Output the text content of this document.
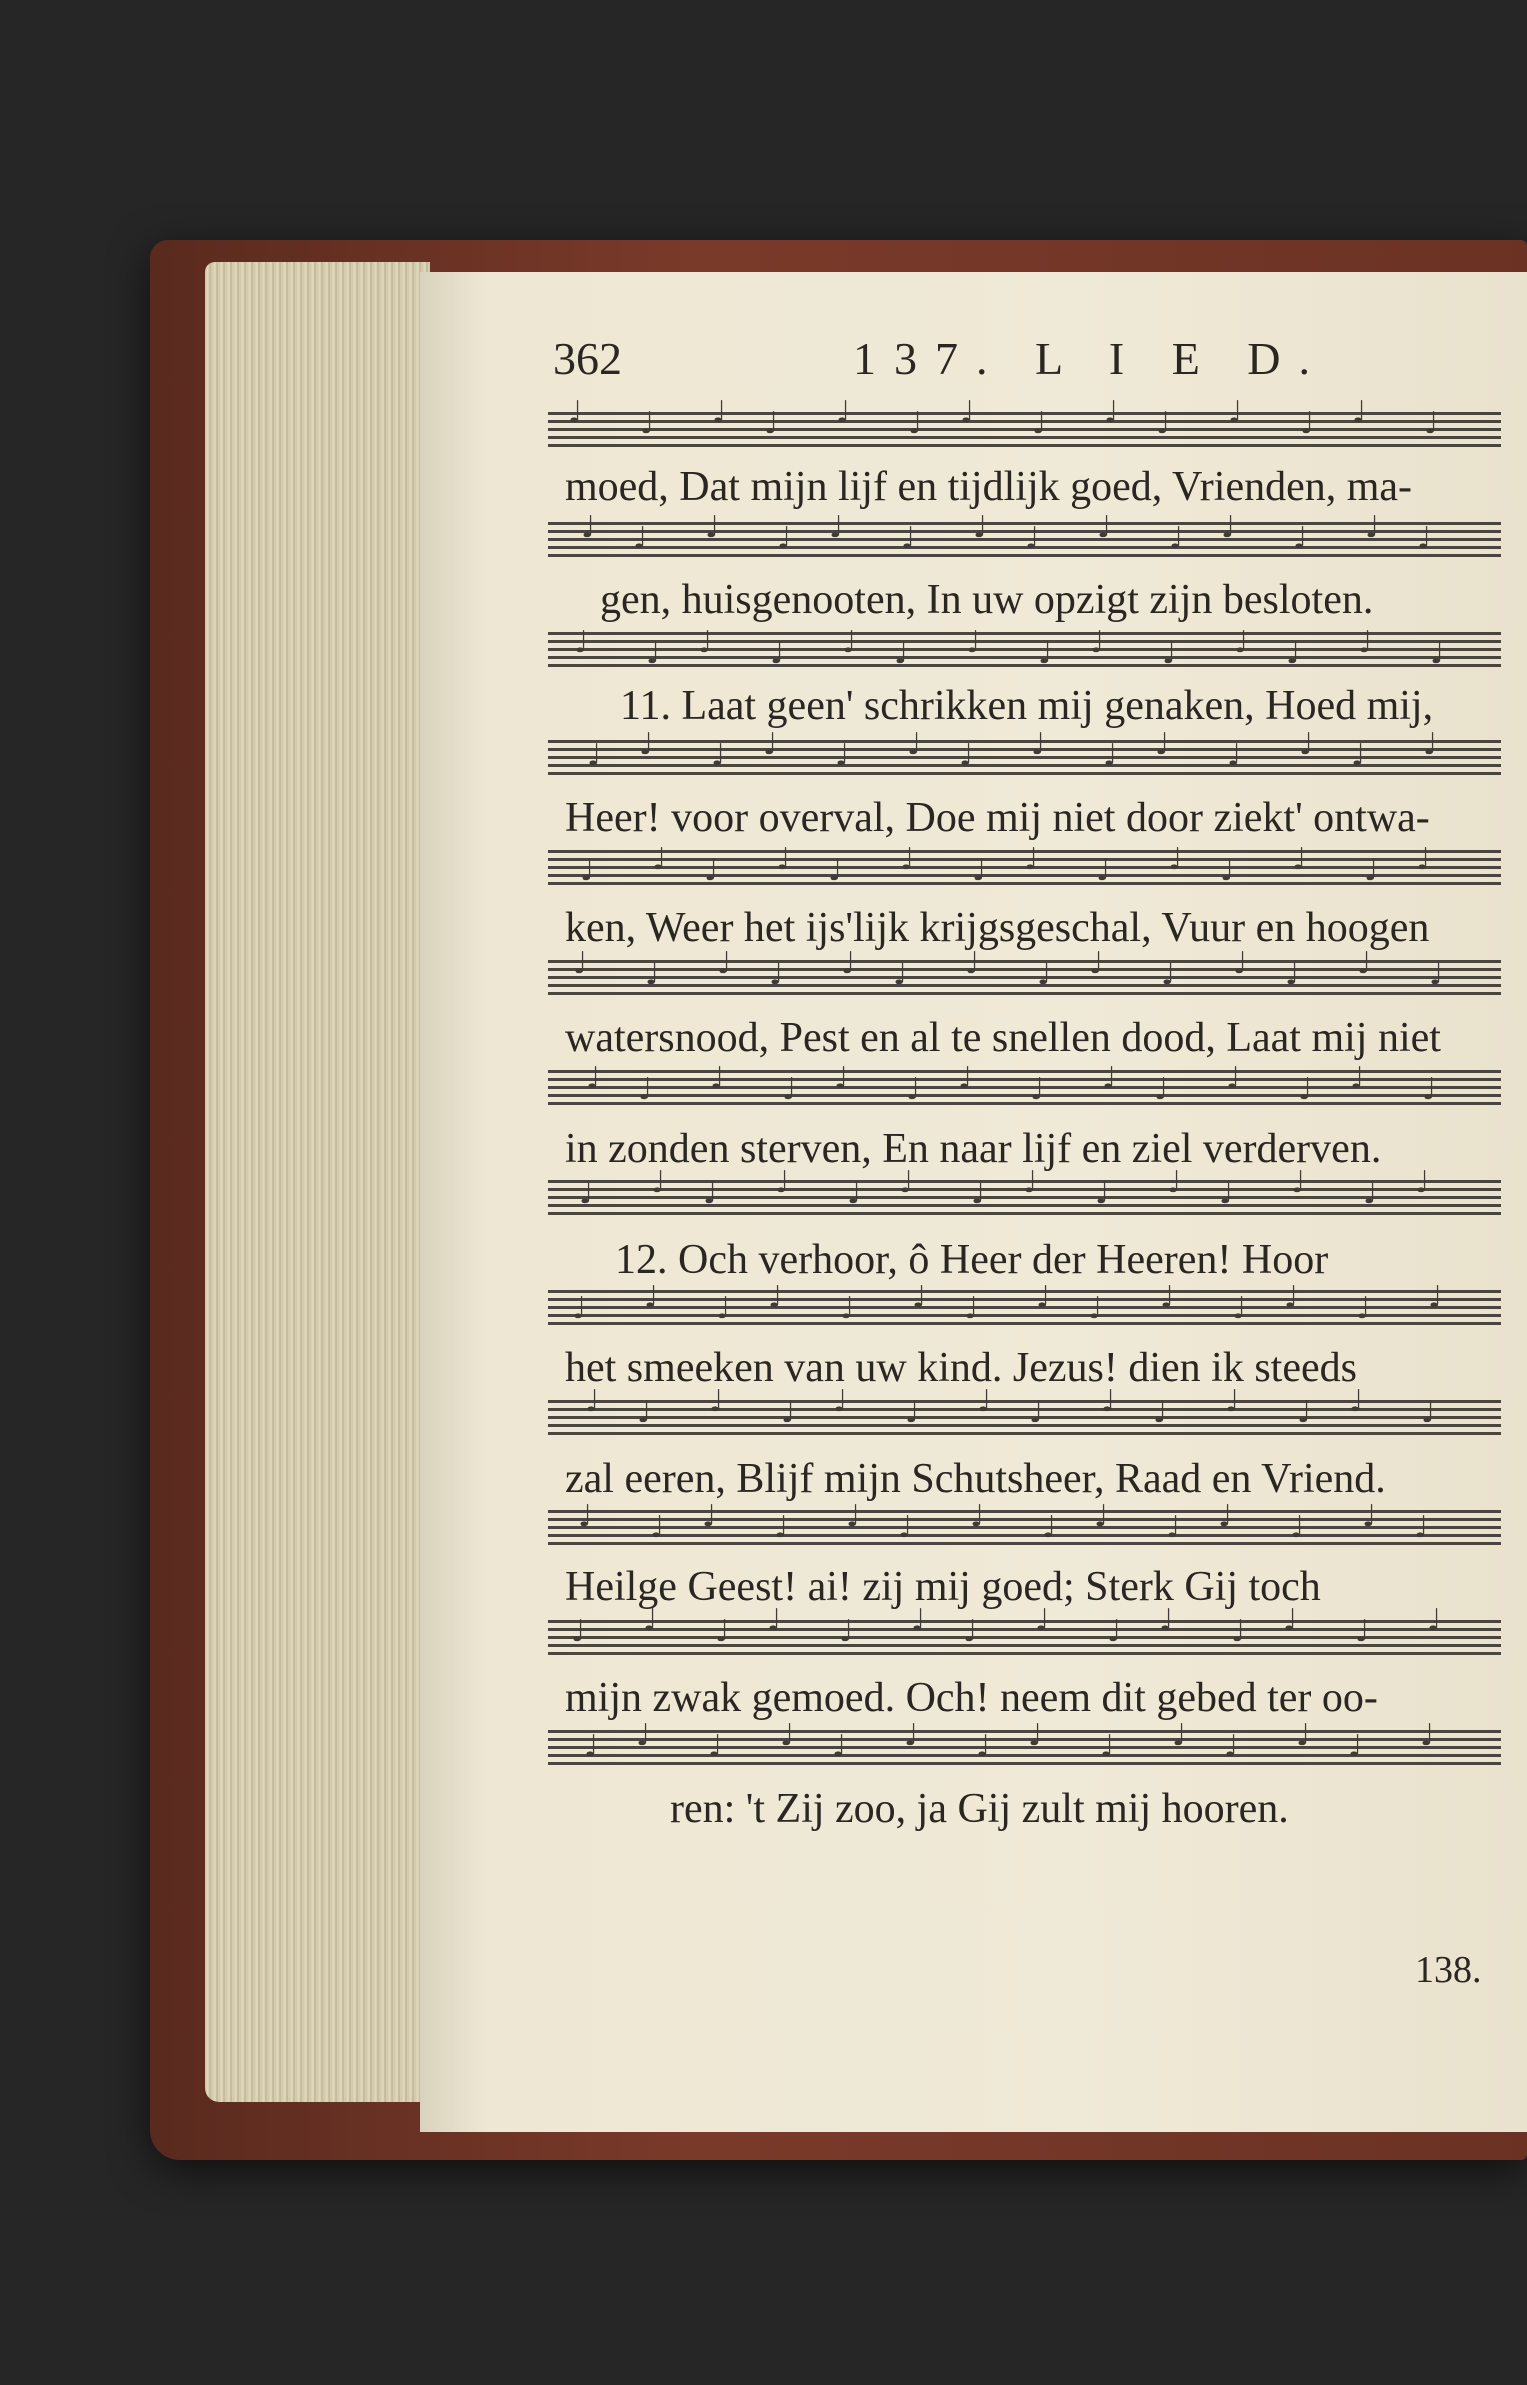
362	137. L I E D.
♩ ♩ ♩ ♩ ♩ ♩ ♩ ♩ ♩ ♩ ♩ ♩ ♩ ♩
moed, Dat mijn lijf en tijdlijk goed, Vrienden, ma-
♩ ♩ ♩ ♩ ♩ ♩ ♩ ♩ ♩ ♩ ♩ ♩ ♩ ♩
gen, huisgenooten, In uw opzigt zijn besloten.
♩ ♩ ♩ ♩ ♩ ♩ ♩ ♩ ♩ ♩ ♩ ♩ ♩ ♩
11. Laat geen' schrikken mij genaken, Hoed mij,
♩ ♩ ♩ ♩ ♩ ♩ ♩ ♩ ♩ ♩ ♩ ♩ ♩ ♩
Heer! voor overval, Doe mij niet door ziekt' ontwa-
♩ ♩ ♩ ♩ ♩ ♩ ♩ ♩ ♩ ♩ ♩ ♩ ♩ ♩
ken, Weer het ijs'lijk krijgsgeschal, Vuur en hoogen
♩ ♩ ♩ ♩ ♩ ♩ ♩ ♩ ♩ ♩ ♩ ♩ ♩ ♩
watersnood, Pest en al te snellen dood, Laat mij niet
♩ ♩ ♩ ♩ ♩ ♩ ♩ ♩ ♩ ♩ ♩ ♩ ♩ ♩
in zonden sterven, En naar lijf en ziel verderven.
♩ ♩ ♩ ♩ ♩ ♩ ♩ ♩ ♩ ♩ ♩ ♩ ♩ ♩
12. Och verhoor, ô Heer der Heeren! Hoor
♩ ♩ ♩ ♩ ♩ ♩ ♩ ♩ ♩ ♩ ♩ ♩ ♩ ♩
het smeeken van uw kind. Jezus! dien ik steeds
♩ ♩ ♩ ♩ ♩ ♩ ♩ ♩ ♩ ♩ ♩ ♩ ♩ ♩
zal eeren, Blijf mijn Schutsheer, Raad en Vriend.
♩ ♩ ♩ ♩ ♩ ♩ ♩ ♩ ♩ ♩ ♩ ♩ ♩ ♩
Heilge Geest! ai! zij mij goed; Sterk Gij toch
♩ ♩ ♩ ♩ ♩ ♩ ♩ ♩ ♩ ♩ ♩ ♩ ♩ ♩
mijn zwak gemoed. Och! neem dit gebed ter oo-
♩ ♩ ♩ ♩ ♩ ♩ ♩ ♩ ♩ ♩ ♩ ♩ ♩ ♩
ren: 't Zij zoo, ja Gij zult mij hooren.
138.
